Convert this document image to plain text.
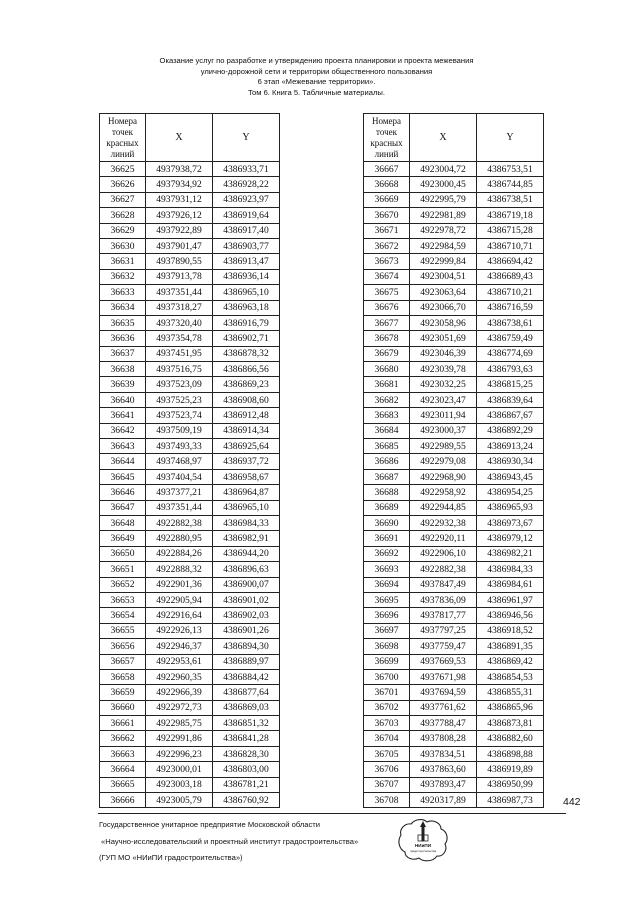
Оказание услуг по разработке и утверждению проекта планировки и проекта межевания
улично-дорожной сети и территории общественного пользования
6 этап «Межевание территории».
Том 6. Книга 5. Табличные материалы.
Номера
точек
красных
линий	X	Y
36625	4937938,72	4386933,71
36626	4937934,92	4386928,22
36627	4937931,12	4386923,97
36628	4937926,12	4386919,64
36629	4937922,89	4386917,40
36630	4937901,47	4386903,77
36631	4937890,55	4386913,47
36632	4937913,78	4386936,14
36633	4937351,44	4386965,10
36634	4937318,27	4386963,18
36635	4937320,40	4386916,79
36636	4937354,78	4386902,71
36637	4937451,95	4386878,32
36638	4937516,75	4386866,56
36639	4937523,09	4386869,23
36640	4937525,23	4386908,60
36641	4937523,74	4386912,48
36642	4937509,19	4386914,34
36643	4937493,33	4386925,64
36644	4937468,97	4386937,72
36645	4937404,54	4386958,67
36646	4937377,21	4386964,87
36647	4937351,44	4386965,10
36648	4922882,38	4386984,33
36649	4922880,95	4386982,91
36650	4922884,26	4386944,20
36651	4922888,32	4386896,63
36652	4922901,36	4386900,07
36653	4922905,94	4386901,02
36654	4922916,64	4386902,03
36655	4922926,13	4386901,26
36656	4922946,37	4386894,30
36657	4922953,61	4386889,97
36658	4922960,35	4386884,42
36659	4922966,39	4386877,64
36660	4922972,73	4386869,03
36661	4922985,75	4386851,32
36662	4922991,86	4386841,28
36663	4922996,23	4386828,30
36664	4923000,01	4386803,00
36665	4923003,18	4386781,21
36666	4923005,79	4386760,92
Номера
точек
красных
линий	X	Y
36667	4923004,72	4386753,51
36668	4923000,45	4386744,85
36669	4922995,79	4386738,51
36670	4922981,89	4386719,18
36671	4922978,72	4386715,28
36672	4922984,59	4386710,71
36673	4922999,84	4386694,42
36674	4923004,51	4386689,43
36675	4923063,64	4386710,21
36676	4923066,70	4386716,59
36677	4923058,96	4386738,61
36678	4923051,69	4386759,49
36679	4923046,39	4386774,69
36680	4923039,78	4386793,63
36681	4923032,25	4386815,25
36682	4923023,47	4386839,64
36683	4923011,94	4386867,67
36684	4923000,37	4386892,29
36685	4922989,55	4386913,24
36686	4922979,08	4386930,34
36687	4922968,90	4386943,45
36688	4922958,92	4386954,25
36689	4922944,85	4386965,93
36690	4922932,38	4386973,67
36691	4922920,11	4386979,12
36692	4922906,10	4386982,21
36693	4922882,38	4386984,33
36694	4937847,49	4386984,61
36695	4937836,09	4386961,97
36696	4937817,77	4386946,56
36697	4937797,25	4386918,52
36698	4937759,47	4386891,35
36699	4937669,53	4386869,42
36700	4937671,98	4386854,53
36701	4937694,59	4386855,31
36702	4937761,62	4386865,96
36703	4937788,47	4386873,81
36704	4937808,28	4386882,60
36705	4937834,51	4386898,88
36706	4937863,60	4386919,89
36707	4937893,47	4386950,99
36708	4920317,89	4386987,73	442
Государственное унитарное предприятие Московской области
«Научно-исследовательский и проектный институт градостроительства»
(ГУП МО «НИиПИ градостроительства»)
НИиПИ
градостроительства
